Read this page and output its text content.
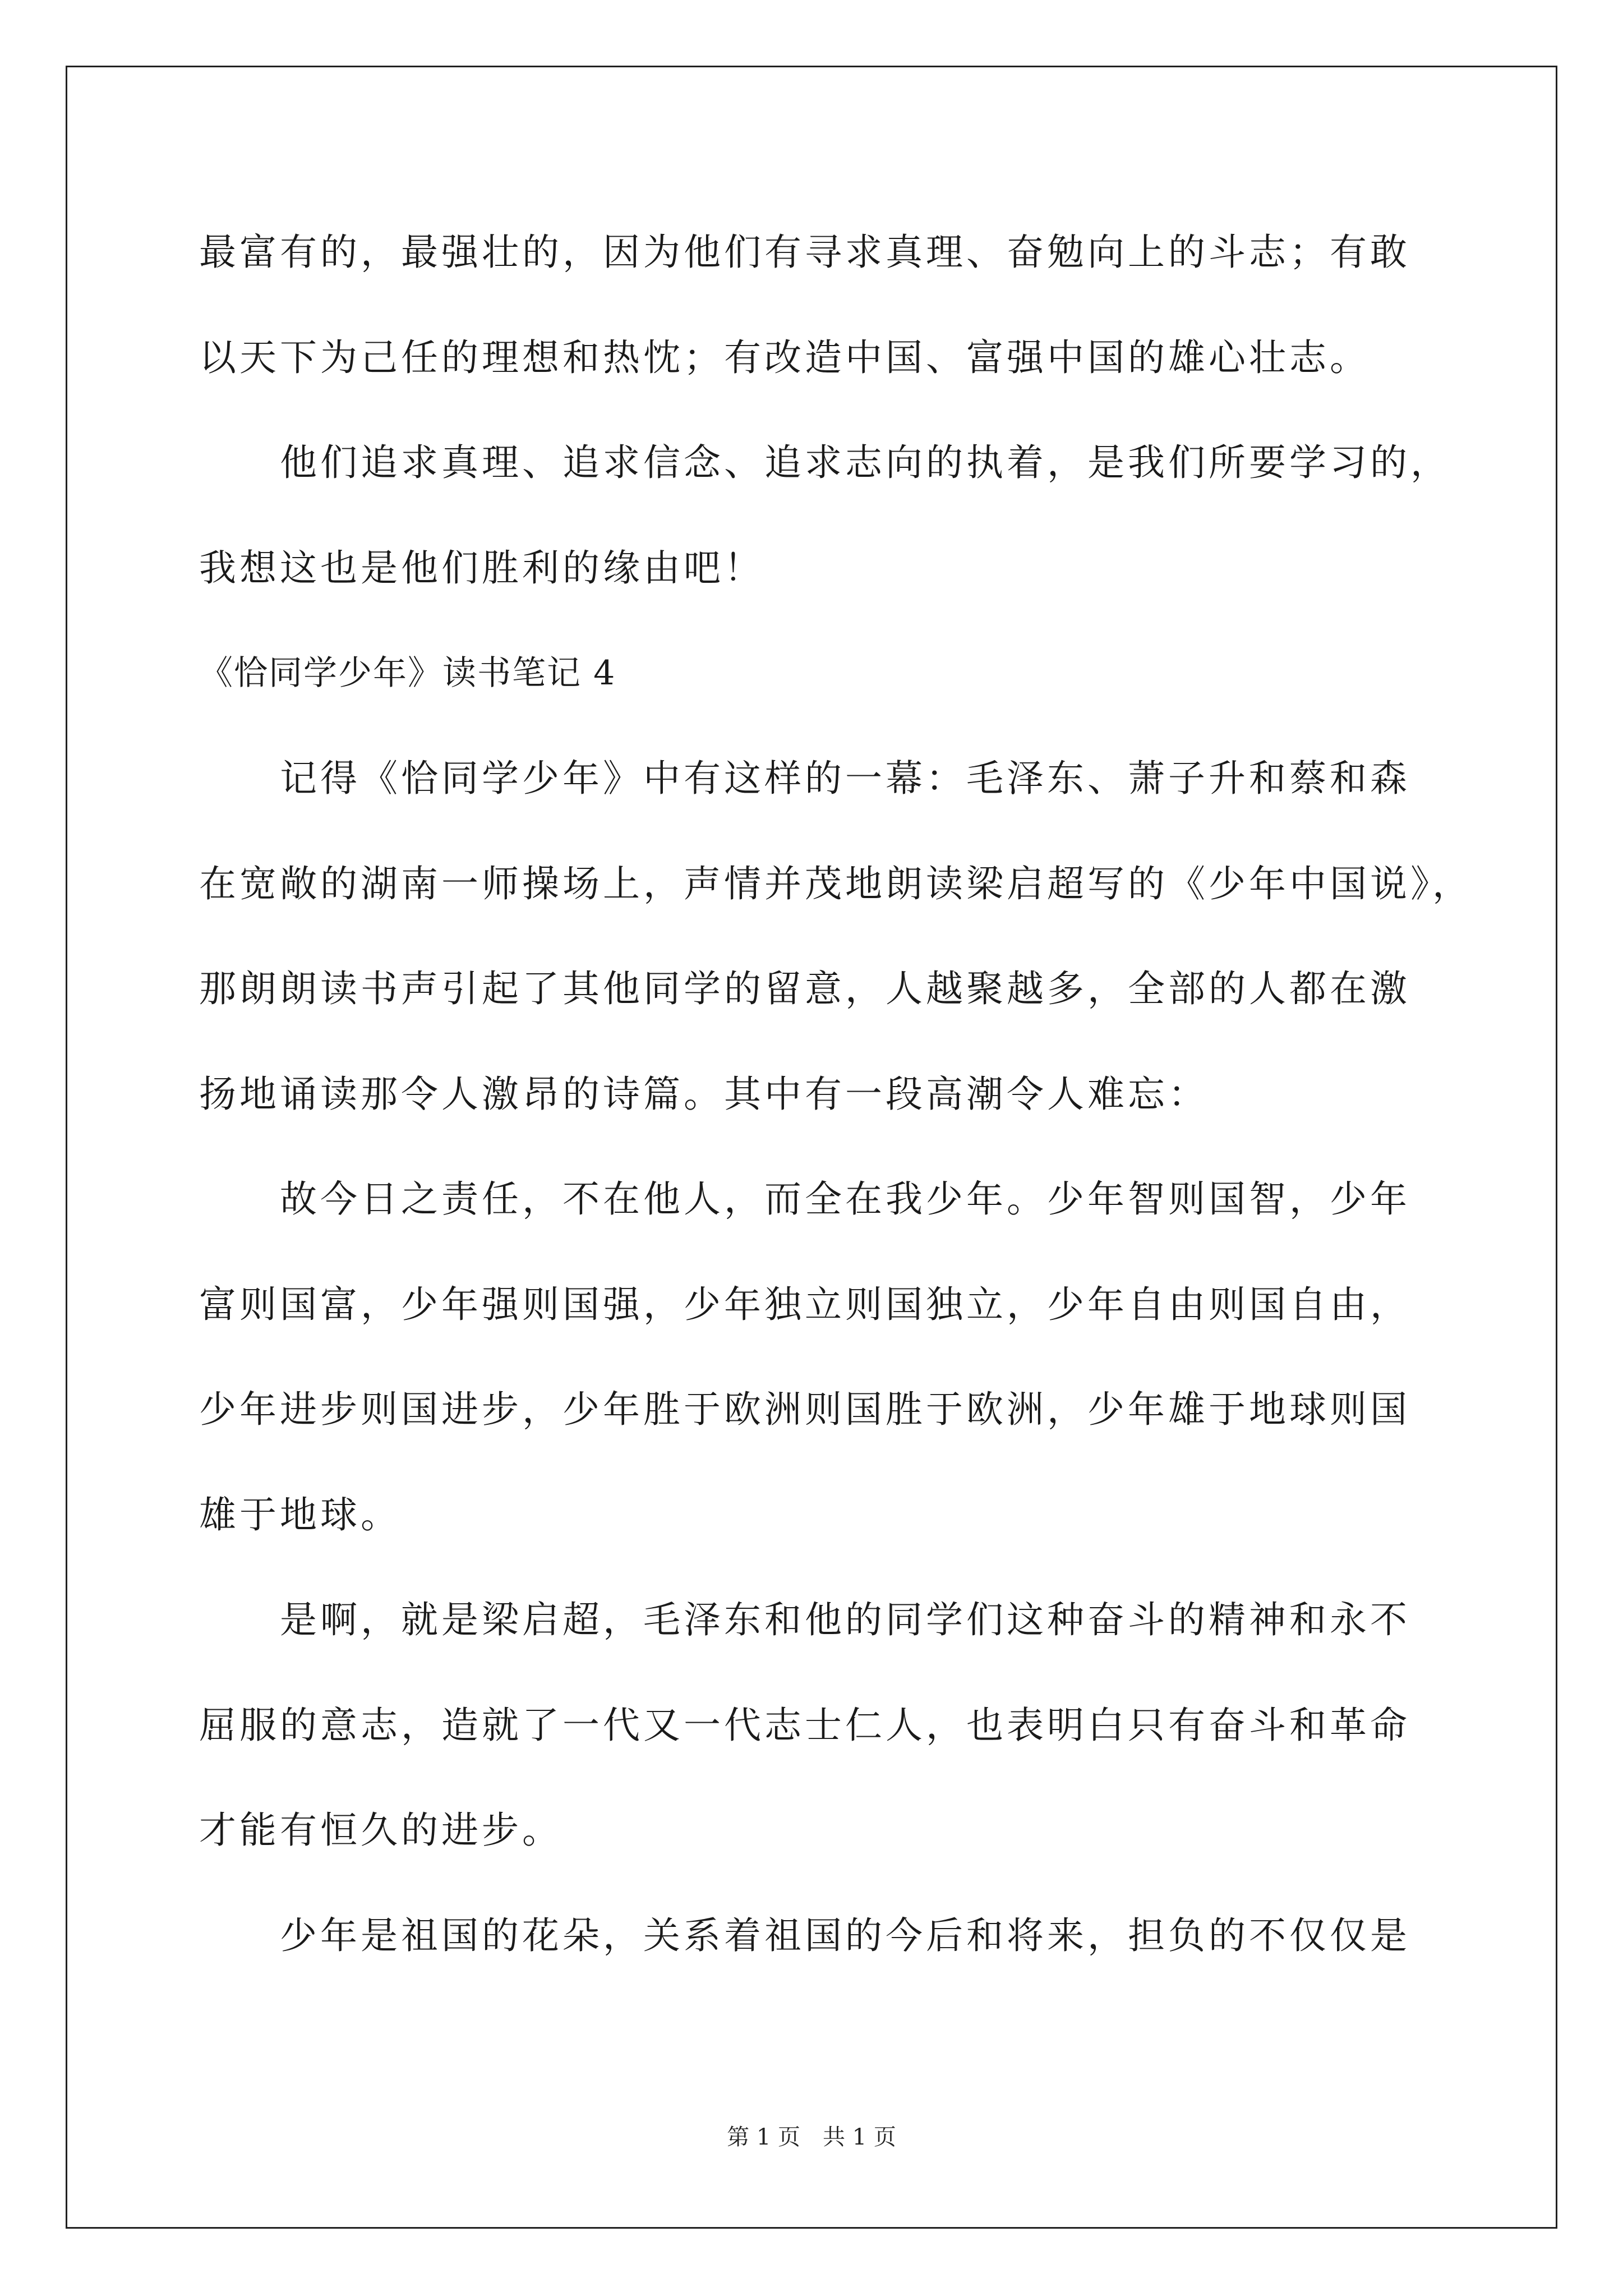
最富有的，最强壮的，因为他们有寻求真理、奋勉向上的斗志；有敢
以天下为己任的理想和热忱；有改造中国、富强中国的雄心壮志。
　　他们追求真理、追求信念、追求志向的执着，是我们所要学习的，
我想这也是他们胜利的缘由吧！
《恰同学少年》读书笔记 4
　　记得《恰同学少年》中有这样的一幕：毛泽东、萧子升和蔡和森
在宽敞的湖南一师操场上，声情并茂地朗读梁启超写的《少年中国说》，
那朗朗读书声引起了其他同学的留意，人越聚越多，全部的人都在激
扬地诵读那令人激昂的诗篇。其中有一段高潮令人难忘：
　　故今日之责任，不在他人，而全在我少年。少年智则国智，少年
富则国富，少年强则国强，少年独立则国独立，少年自由则国自由，
少年进步则国进步，少年胜于欧洲则国胜于欧洲，少年雄于地球则国
雄于地球。
　　是啊，就是梁启超，毛泽东和他的同学们这种奋斗的精神和永不
屈服的意志，造就了一代又一代志士仁人，也表明白只有奋斗和革命
才能有恒久的进步。
　　少年是祖国的花朵，关系着祖国的今后和将来，担负的不仅仅是
第 1 页　共 1 页
